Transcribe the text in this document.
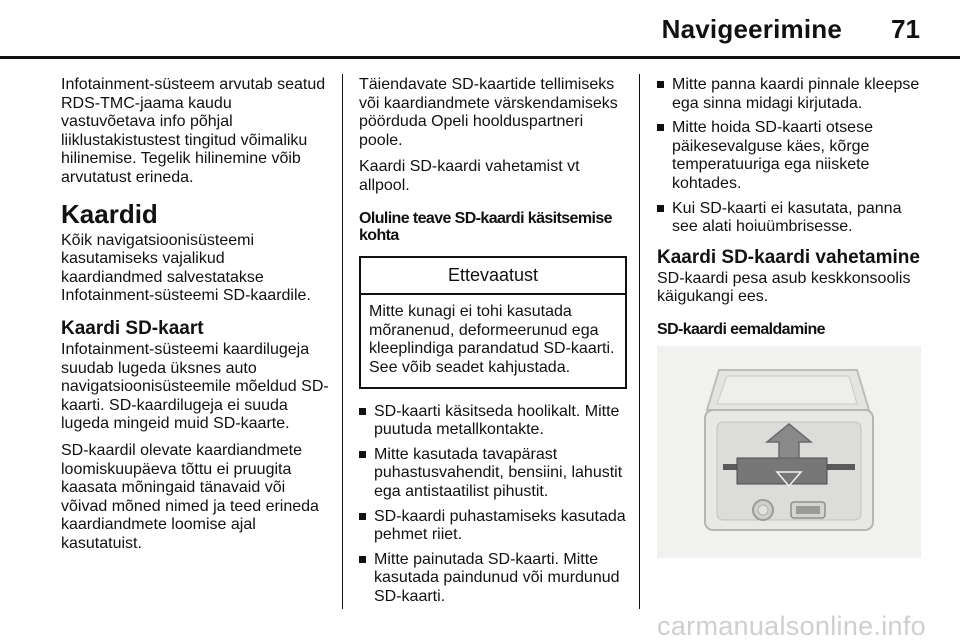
Navigeerimine 71

Infotainment-süsteem arvutab seatud RDS-TMC-jaama kaudu vastuvõetava info põhjal liiklustakistustest tingitud võimaliku hilinemise. Tegelik hilinemine võib arvutatust erineda.

Kaardid

Kõik navigatsioonisüsteemi kasutamiseks vajalikud kaardiandmed salvestatakse Infotainment-süsteemi SD-kaardile.

Kaardi SD-kaart

Infotainment-süsteemi kaardilugeja suudab lugeda üksnes auto navigatsioonisüsteemile mõeldud SD-kaarti. SD-kaardilugeja ei suuda lugeda mingeid muid SD-kaarte.

SD-kaardil olevate kaardiandmete loomiskuupäeva tõttu ei pruugita kaasata mõningaid tänavaid või võivad mõned nimed ja teed erineda kaardiandmete loomise ajal kasutatuist.

Täiendavate SD-kaartide tellimiseks või kaardiandmete värskendamiseks pöörduda Opeli hoolduspartneri poole.

Kaardi SD-kaardi vahetamist vt allpool.

Oluline teave SD-kaardi käsitsemise kohta
Ettevaatust
Mitte kunagi ei tohi kasutada mõranenud, deformeerunud ega kleeplindiga parandatud SD-kaarti. See võib seadet kahjustada.
SD-kaarti käsitseda hoolikalt. Mitte puutuda metallkontakte.
Mitte kasutada tavapärast puhastusvahendit, bensiini, lahustit ega antistaatilist pihustit.
SD-kaardi puhastamiseks kasutada pehmet riiet.
Mitte painutada SD-kaarti. Mitte kasutada paindunud või murdunud SD-kaarti.
Mitte panna kaardi pinnale kleepse ega sinna midagi kirjutada.
Mitte hoida SD-kaarti otsese päikesevalguse käes, kõrge temperatuuriga ega niiskete kohtades.
Kui SD-kaarti ei kasutata, panna see alati hoiuümbrisesse.
Kaardi SD-kaardi vahetamine

SD-kaardi pesa asub keskkonsoolis käigukangi ees.

SD-kaardi eemaldamine
carmanualsonline.info
